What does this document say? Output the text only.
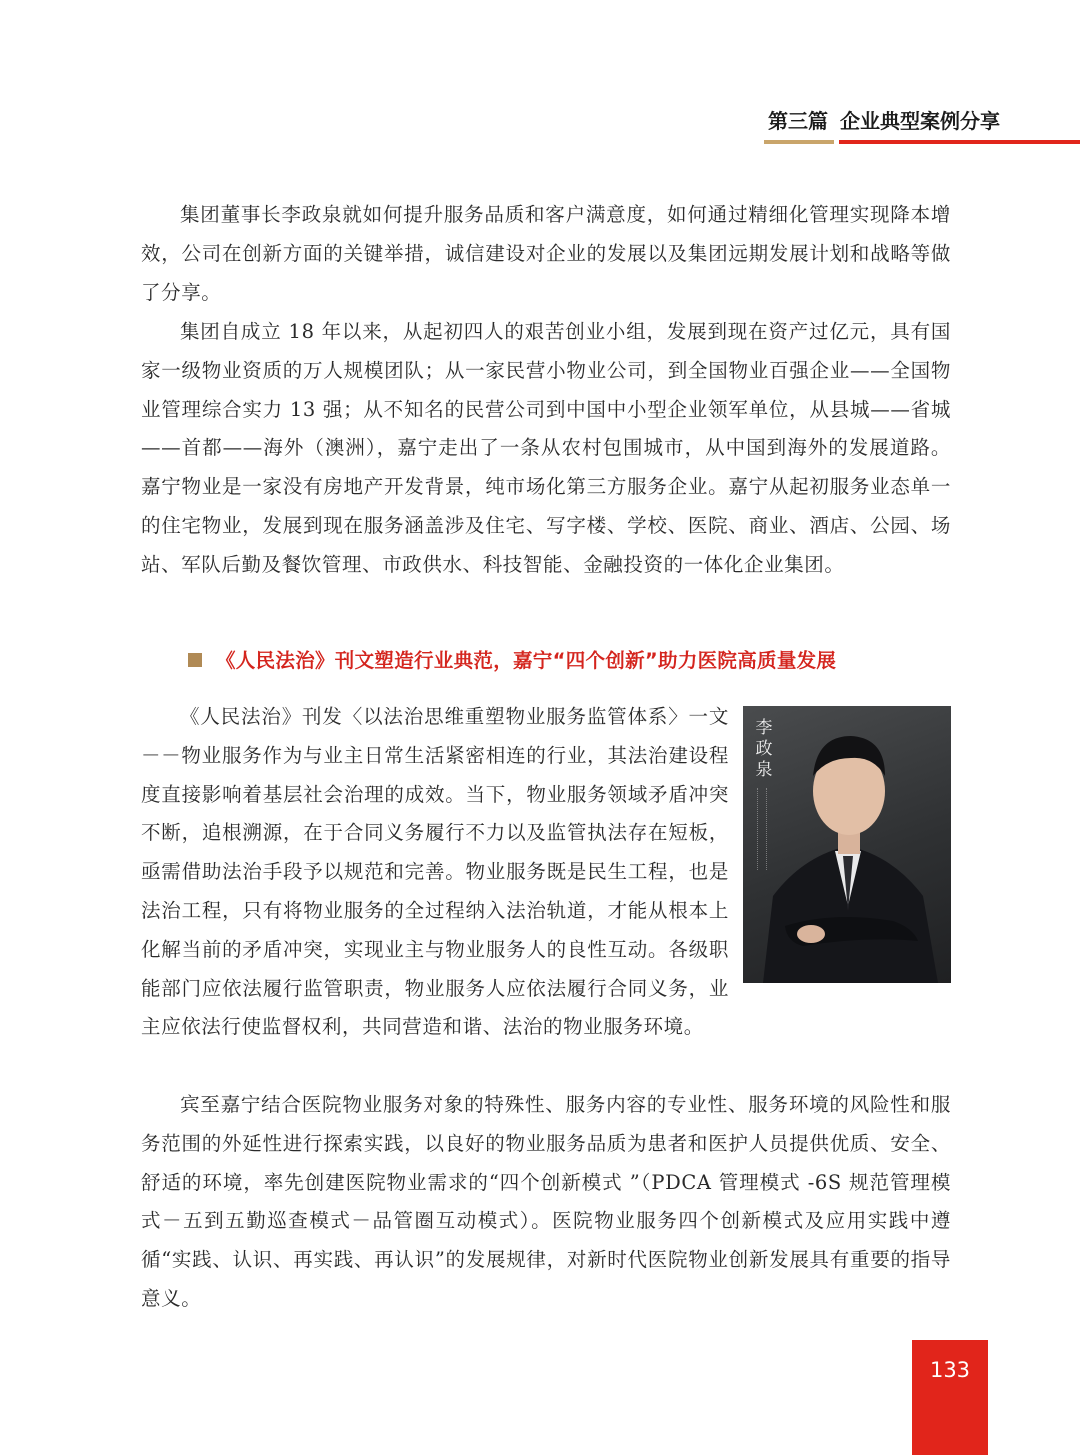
第三篇 企业典型案例分享

集团董事长李政泉就如何提升服务品质和客户满意度，如何通过精细化管理实现降本增效，公司在创新方面的关键举措，诚信建设对企业的发展以及集团远期发展计划和战略等做了分享。

集团自成立 18 年以来，从起初四人的艰苦创业小组，发展到现在资产过亿元，具有国家一级物业资质的万人规模团队；从一家民营小物业公司，到全国物业百强企业——全国物业管理综合实力 13 强；从不知名的民营公司到中国中小型企业领军单位，从县城——省城——首都——海外（澳洲），嘉宁走出了一条从农村包围城市，从中国到海外的发展道路。嘉宁物业是一家没有房地产开发背景，纯市场化第三方服务企业。嘉宁从起初服务业态单一的住宅物业，发展到现在服务涵盖涉及住宅、写字楼、学校、医院、商业、酒店、公园、场站、军队后勤及餐饮管理、市政供水、科技智能、金融投资的一体化企业集团。

《人民法治》刊文塑造行业典范，嘉宁“四个创新”助力医院高质量发展
李政泉

《人民法治》刊发〈以法治思维重塑物业服务监管体系〉一文－－物业服务作为与业主日常生活紧密相连的行业，其法治建设程度直接影响着基层社会治理的成效。当下，物业服务领域矛盾冲突不断，追根溯源，在于合同义务履行不力以及监管执法存在短板，亟需借助法治手段予以规范和完善。物业服务既是民生工程，也是法治工程，只有将物业服务的全过程纳入法治轨道，才能从根本上化解当前的矛盾冲突，实现业主与物业服务人的良性互动。各级职能部门应依法履行监管职责，物业服务人应依法履行合同义务，业主应依法行使监督权利，共同营造和谐、法治的物业服务环境。

宾至嘉宁结合医院物业服务对象的特殊性、服务内容的专业性、服务环境的风险性和服务范围的外延性进行探索实践，以良好的物业服务品质为患者和医护人员提供优质、安全、舒适的环境，率先创建医院物业需求的“四个创新模式 ”（PDCA 管理模式 -6S 规范管理模式－五到五勤巡查模式－品管圈互动模式）。医院物业服务四个创新模式及应用实践中遵循“实践、认识、再实践、再认识”的发展规律，对新时代医院物业创新发展具有重要的指导意义。

133
